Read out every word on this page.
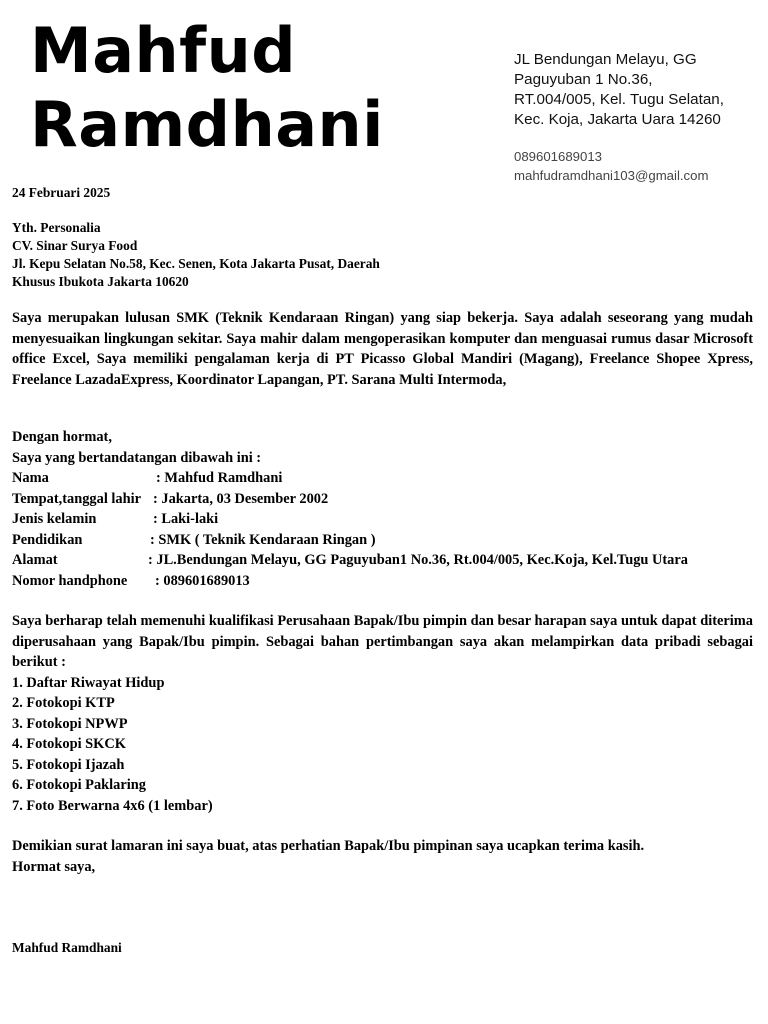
Mahfud
Ramdhani
JL Bendungan Melayu, GG
Paguyuban 1 No.36,
RT.004/005, Kel. Tugu Selatan,
Kec. Koja, Jakarta Uara 14260
089601689013
mahfudramdhani103@gmail.com
24 Februari 2025
Yth. Personalia
CV. Sinar Surya Food
Jl. Kepu Selatan No.58, Kec. Senen, Kota Jakarta Pusat, Daerah
Khusus Ibukota Jakarta 10620

Saya merupakan lulusan SMK (Teknik Kendaraan Ringan) yang siap bekerja. Saya adalah seseorang yang mudah menyesuaikan lingkungan sekitar. Saya mahir dalam mengoperasikan komputer dan menguasai rumus dasar Microsoft office Excel, Saya memiliki pengalaman kerja di PT Picasso Global Mandiri (Magang), Freelance Shopee Xpress, Freelance LazadaExpress, Koordinator Lapangan, PT. Sarana Multi Intermoda,

Dengan hormat,
Saya yang bertandatangan dibawah ini :
Nama	: Mahfud Ramdhani
Tempat,tanggal lahir : Jakarta, 03 Desember 2002
Jenis kelamin	: Laki-laki
Pendidikan	: SMK ( Teknik Kendaraan Ringan )
Alamat	: JL.Bendungan Melayu, GG Paguyuban1 No.36, Rt.004/005, Kec.Koja, Kel.Tugu Utara
Nomor handphone	: 089601689013

Saya berharap telah memenuhi kualifikasi Perusahaan Bapak/Ibu pimpin dan besar harapan saya untuk dapat diterima diperusahaan yang Bapak/Ibu pimpin. Sebagai bahan pertimbangan saya akan melampirkan data pribadi sebagai berikut :

1. Daftar Riwayat Hidup
2. Fotokopi KTP
3. Fotokopi NPWP
4. Fotokopi SKCK
5. Fotokopi Ijazah
6. Fotokopi Paklaring
7. Foto Berwarna 4x6 (1 lembar)
Demikian surat lamaran ini saya buat, atas perhatian Bapak/Ibu pimpinan saya ucapkan terima kasih.
Hormat saya,
Mahfud Ramdhani
